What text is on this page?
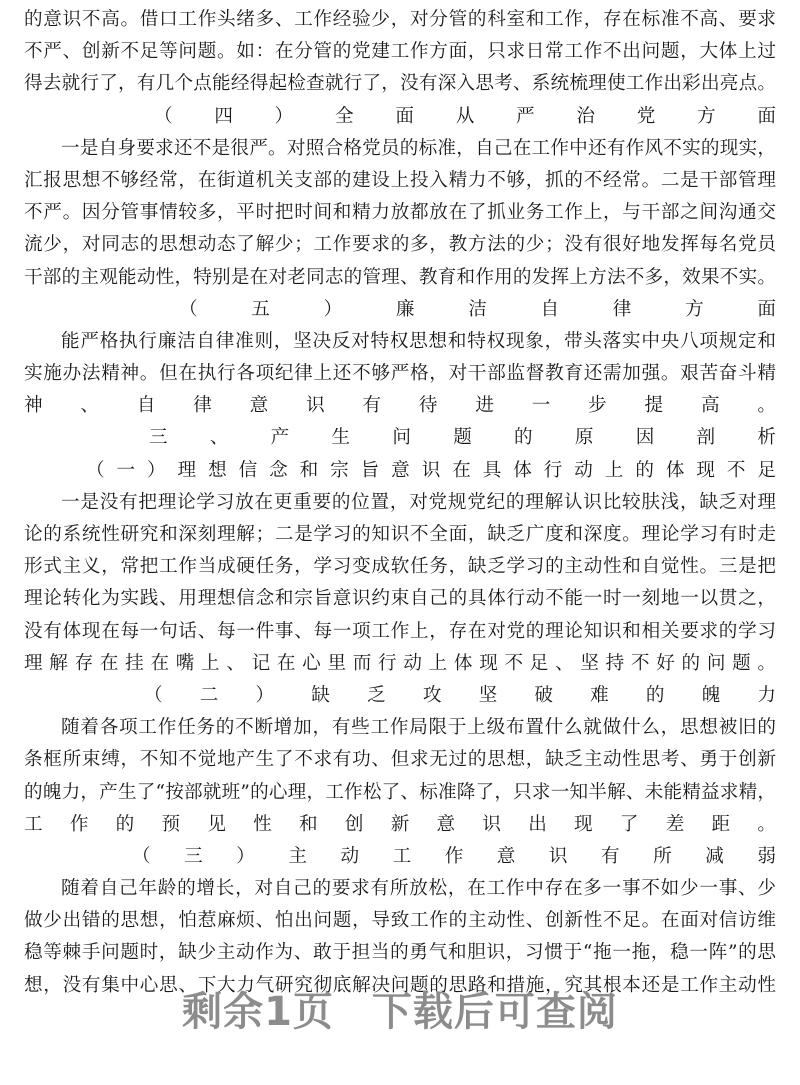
的意识不高。借口工作头绪多、工作经验少，对分管的科室和工作，存在标准不高、要求
不严、创新不足等问题。如：在分管的党建工作方面，只求日常工作不出问题，大体上过
得去就行了，有几个点能经得起检查就行了，没有深入思考、系统梳理使工作出彩出亮点。
（四）全面从严治党方面
一是自身要求还不是很严。对照合格党员的标准，自己在工作中还有作风不实的现实，
汇报思想不够经常，在街道机关支部的建设上投入精力不够，抓的不经常。二是干部管理
不严。因分管事情较多，平时把时间和精力放都放在了抓业务工作上，与干部之间沟通交
流少，对同志的思想动态了解少；工作要求的多，教方法的少；没有很好地发挥每名党员
干部的主观能动性，特别是在对老同志的管理、教育和作用的发挥上方法不多，效果不实。
（五）廉洁自律方面
能严格执行廉洁自律准则，坚决反对特权思想和特权现象，带头落实中央八项规定和
实施办法精神。但在执行各项纪律上还不够严格，对干部监督教育还需加强。艰苦奋斗精
神、自律意识有待进一步提高。
三、产生问题的原因剖析
（一）理想信念和宗旨意识在具体行动上的体现不足
一是没有把理论学习放在更重要的位置，对党规党纪的理解认识比较肤浅，缺乏对理
论的系统性研究和深刻理解；二是学习的知识不全面，缺乏广度和深度。理论学习有时走
形式主义，常把工作当成硬任务，学习变成软任务，缺乏学习的主动性和自觉性。三是把
理论转化为实践、用理想信念和宗旨意识约束自己的具体行动不能一时一刻地一以贯之，
没有体现在每一句话、每一件事、每一项工作上，存在对党的理论知识和相关要求的学习
理解存在挂在嘴上、记在心里而行动上体现不足、坚持不好的问题。
（二）缺乏攻坚破难的魄力
随着各项工作任务的不断增加，有些工作局限于上级布置什么就做什么，思想被旧的
条框所束缚，不知不觉地产生了不求有功、但求无过的思想，缺乏主动性思考、勇于创新
的魄力，产生了“按部就班”的心理，工作松了、标准降了，只求一知半解、未能精益求精，
工作的预见性和创新意识出现了差距。
（三）主动工作意识有所减弱
随着自己年龄的增长，对自己的要求有所放松，在工作中存在多一事不如少一事、少
做少出错的思想，怕惹麻烦、怕出问题，导致工作的主动性、创新性不足。在面对信访维
稳等棘手问题时，缺少主动作为、敢于担当的勇气和胆识，习惯于“拖一拖，稳一阵”的思
想，没有集中心思、下大力气研究彻底解决问题的思路和措施，究其根本还是工作主动性
剩余1页 下载后可查阅
